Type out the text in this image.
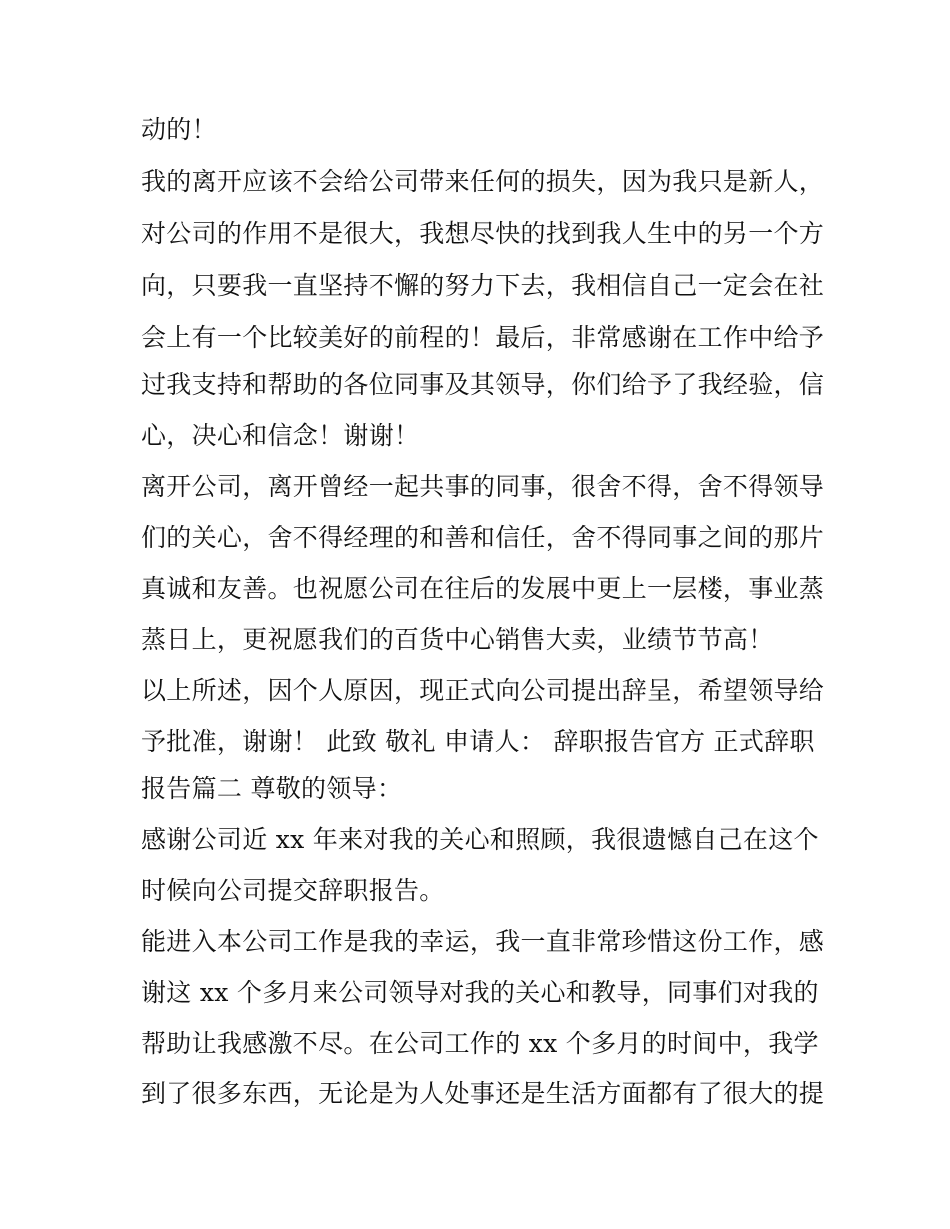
动的！
我的离开应该不会给公司带来任何的损失，因为我只是新人，
对公司的作用不是很大，我想尽快的找到我人生中的另一个方
向，只要我一直坚持不懈的努力下去，我相信自己一定会在社
会上有一个比较美好的前程的！最后，非常感谢在工作中给予
过我支持和帮助的各位同事及其领导，你们给予了我经验，信
心，决心和信念！谢谢！
离开公司，离开曾经一起共事的同事，很舍不得，舍不得领导
们的关心，舍不得经理的和善和信任，舍不得同事之间的那片
真诚和友善。也祝愿公司在往后的发展中更上一层楼，事业蒸
蒸日上，更祝愿我们的百货中心销售大卖，业绩节节高！
以上所述，因个人原因，现正式向公司提出辞呈，希望领导给
予批准，谢谢！ 此致 敬礼 申请人： 辞职报告官方 正式辞职
报告篇二 尊敬的领导：
感谢公司近 xx 年来对我的关心和照顾，我很遗憾自己在这个
时候向公司提交辞职报告。
能进入本公司工作是我的幸运，我一直非常珍惜这份工作，感
谢这 xx 个多月来公司领导对我的关心和教导，同事们对我的
帮助让我感激不尽。在公司工作的 xx 个多月的时间中，我学
到了很多东西，无论是为人处事还是生活方面都有了很大的提
